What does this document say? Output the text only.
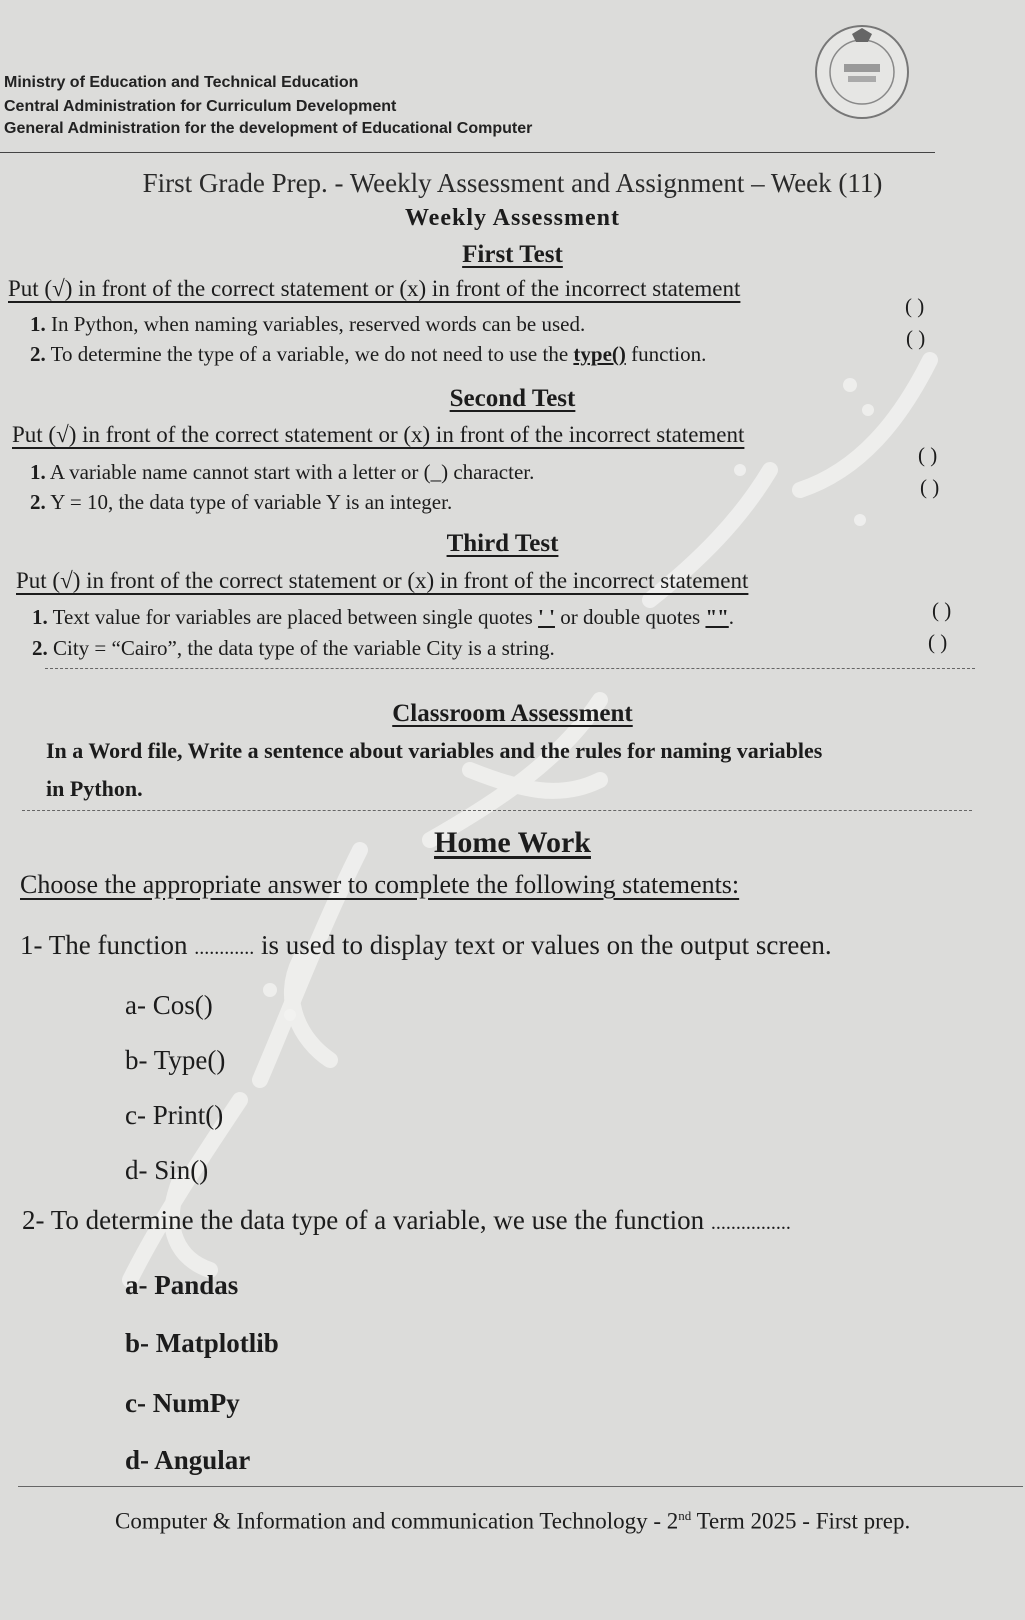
Ministry of Education and Technical Education
Central Administration for Curriculum Development
General Administration for the development of Educational Computer
First Grade Prep. - Weekly Assessment and Assignment – Week (11)
Weekly Assessment
First Test
Put (√) in front of the correct statement or (x) in front of the incorrect statement
1. In Python, when naming variables, reserved words can be used.
( )
2. To determine the type of a variable, we do not need to use the type() function.
( )
Second Test
Put (√) in front of the correct statement or (x) in front of the incorrect statement
1. A variable name cannot start with a letter or (_) character.
( )
2. Y = 10, the data type of variable Y is an integer.
( )
Third Test
Put (√) in front of the correct statement or (x) in front of the incorrect statement
1. Text value for variables are placed between single quotes ' ' or double quotes "".	( )
2. City = “Cairo”, the data type of the variable City is a string.	( )
Classroom Assessment
In a Word file, Write a sentence about variables and the rules for naming variables
in Python.
Home Work
Choose the appropriate answer to complete the following statements:
1- The function ............ is used to display text or values on the output screen.
a- Cos()
b- Type()
c- Print()
d- Sin()
2- To determine the data type of a variable, we use the function ................
a- Pandas
b- Matplotlib
c- NumPy
d- Angular
Computer & Information and communication Technology - 2nd Term 2025 - First prep.
